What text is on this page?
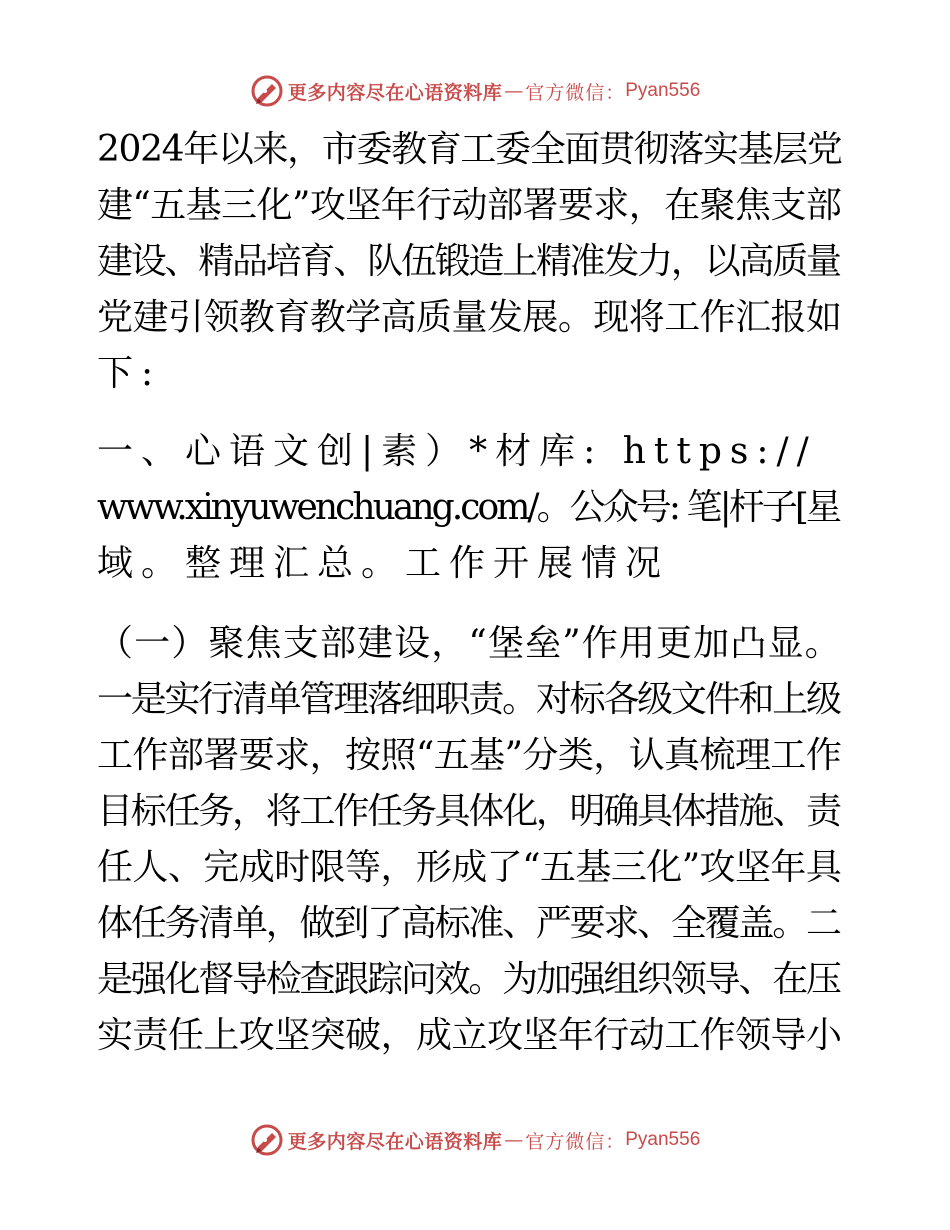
更多内容尽在心语资料库 — 官方微信： Pyan556
2024年以来，市委教育工委全面贯彻落实基层党
建“五基三化”攻坚年行动部署要求，在聚焦支部
建设、精品培育、队伍锻造上精准发力，以高质量
党建引领教育教学高质量发展。现将工作汇报如
下:
一、心语文创|素）*材库: https://
www.xinyuwenchuang.com/。公众号: 笔|杆子[星
域。整理汇总。工作开展情况
（一）聚焦支部建设，“堡垒”作用更加凸显。
一是实行清单管理落细职责。对标各级文件和上级
工作部署要求，按照“五基”分类，认真梳理工作
目标任务，将工作任务具体化，明确具体措施、责
任人、完成时限等，形成了“五基三化”攻坚年具
体任务清单，做到了高标准、严要求、全覆盖。二
是强化督导检查跟踪问效。为加强组织领导、在压
实责任上攻坚突破，成立攻坚年行动工作领导小
更多内容尽在心语资料库 — 官方微信： Pyan556
